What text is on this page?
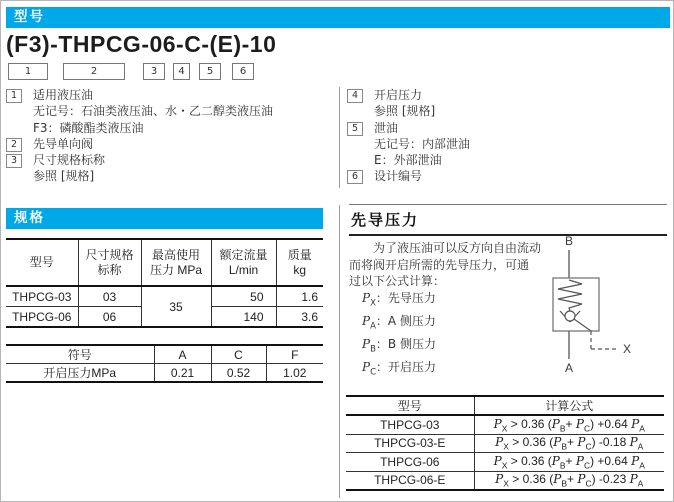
型号
(F3)-THPCG-06-C-(E)-10
1	2	3	4	5	6
1	适用液压油
无记号：石油类液压油、水・乙二醇类液压油
F3：磷酸酯类液压油
2	先导单向阀
3	尺寸规格标称
参照 [规格]
4	开启压力
参照 [规格]
5	泄油
无记号：内部泄油
E：外部泄油
6	设计编号
规格
型号

尺寸规格
标称

最高使用
压力 MPa

额定流量
L/min

质量
kg

THPCG-03	03	35	50	1.6
THPCG-06	06		140	3.6
符号	A	C	F
开启压力MPa	0.21	0.52	1.02
先导压力
为了液压油可以反方向自由流动
而将阀开启所需的先导压力，可通
过以下公式计算：
$P_X$：先导压力
$P_A$：A 侧压力
$P_B$：B 侧压力
$P_C$：开启压力
B
X
A
型号	计算公式
THPCG-03	$P_X > 0.36$ $(P_B+ P_C) +0.64$ $P_A$
THPCG-03-E	$P_X > 0.36$ $(P_B+ P_C)$ -0.18 $P_A$
THPCG-06	$P_X > 0.36$ $(P_B+ P_C) +0.64$ $P_A$
THPCG-06-E	$P_X > 0.36$ $(P_B+ P_C)$ -0.23 $P_A$
